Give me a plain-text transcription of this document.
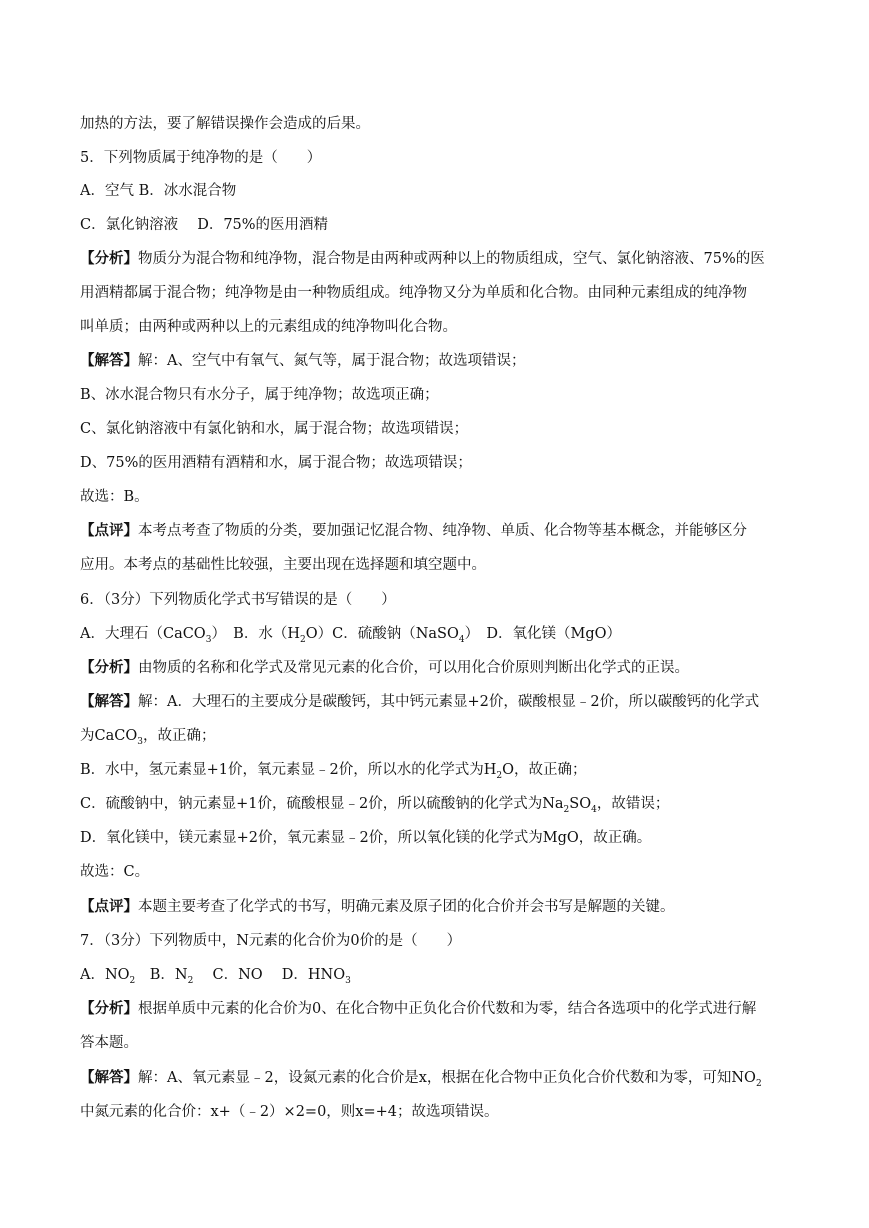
加热的方法，要了解错误操作会造成的后果。
5．下列物质属于纯净物的是（　　）
A．空气 B．冰水混合物
C．氯化钠溶液　 D．75%的医用酒精
【分析】物质分为混合物和纯净物，混合物是由两种或两种以上的物质组成，空气、氯化钠溶液、75%的医
用酒精都属于混合物；纯净物是由一种物质组成。纯净物又分为单质和化合物。由同种元素组成的纯净物
叫单质；由两种或两种以上的元素组成的纯净物叫化合物。
【解答】解：A、空气中有氧气、氮气等，属于混合物；故选项错误；
B、冰水混合物只有水分子，属于纯净物；故选项正确；
C、氯化钠溶液中有氯化钠和水，属于混合物；故选项错误；
D、75%的医用酒精有酒精和水，属于混合物；故选项错误；
故选：B。
【点评】本考点考查了物质的分类，要加强记忆混合物、纯净物、单质、化合物等基本概念，并能够区分
应用。本考点的基础性比较强，主要出现在选择题和填空题中。
6．（3分）下列物质化学式书写错误的是（　　）
A．大理石（CaCO$_3$）　B．水$(H_2O)C$．硫酸钠（NaSO$_4$）　D．氧化镁（MgO）
【分析】由物质的名称和化学式及常见元素的化合价，可以用化合价原则判断出化学式的正误。
【解答】解：A．大理石的主要成分是碳酸钙，其中钙元素显+2价，碳酸根显﹣2价，所以碳酸钙的化学式
为CaCO$_3$，故正确；
B．水中，氢元素显+1价，氧元素显﹣2价，所以水的化学式为$H_2O$，故正确；
C．硫酸钠中，钠元素显+1价，硫酸根显﹣2价，所以硫酸钠的化学式为$Na_2SO_4$，故错误；
D．氧化镁中，镁元素显+2价，氧元素显﹣2价，所以氧化镁的化学式为MgO，故正确。
故选：C。
【点评】本题主要考查了化学式的书写，明确元素及原子团的化合价并会书写是解题的关键。
7．（3分）下列物质中，N元素的化合价为0价的是（　　）
A．$NO_2$　B．$N_2$　 C．NO　 D．$HNO_3$
【分析】根据单质中元素的化合价为0、在化合物中正负化合价代数和为零，结合各选项中的化学式进行解
答本题。
【解答】解：A、氧元素显﹣2，设氮元素的化合价是x，根据在化合物中正负化合价代数和为零，可知$NO_2$
中氮元素的化合价：x+（﹣2）×2=0，则x=+4；故选项错误。
